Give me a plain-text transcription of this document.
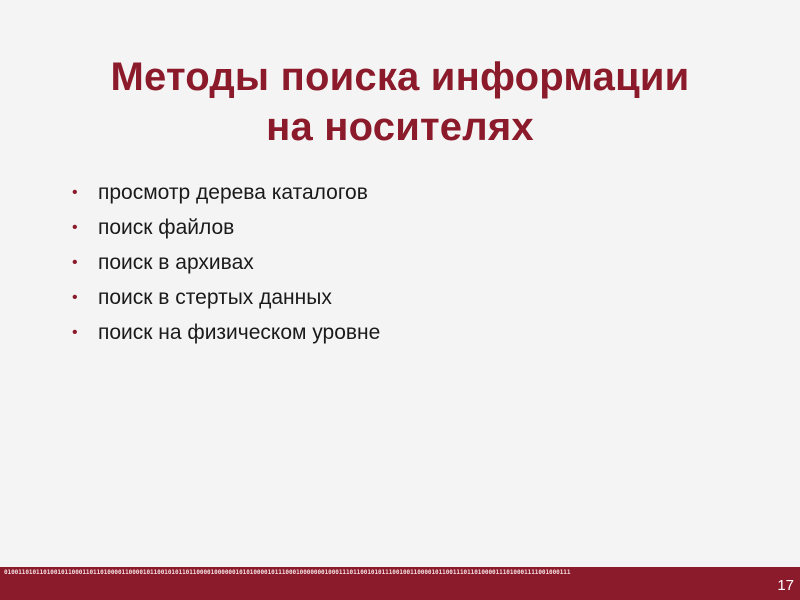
Методы поиска информации
на носителях
• просмотр дерева каталогов
• поиск файлов
• поиск в архивах
• поиск в стертых данных
• поиск на физическом уровне
010011010110100101100011011010000110000101100101011011000010000001010100001011100010000000100011101100101011100100110000101100111011010000111010001111001000111
17
